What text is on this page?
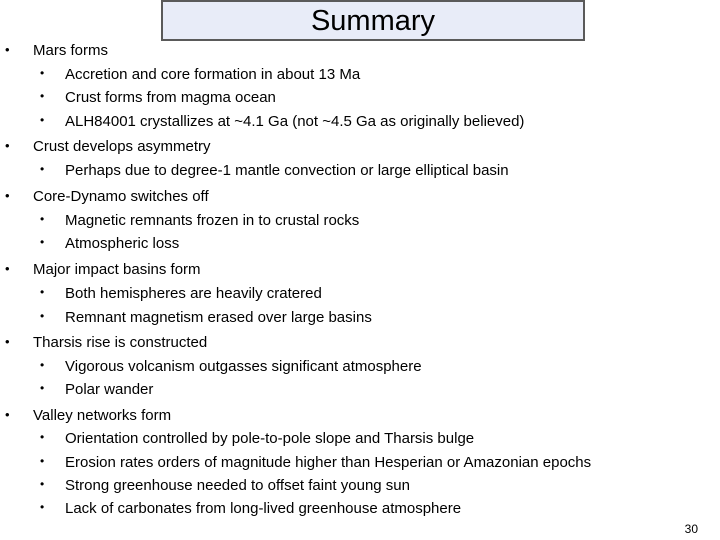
Summary
• Mars forms
• Accretion and core formation in about 13 Ma
• Crust forms from magma ocean
• ALH84001 crystallizes at ~4.1 Ga (not ~4.5 Ga as originally believed)
• Crust develops asymmetry
• Perhaps due to degree-1 mantle convection or large elliptical basin
• Core-Dynamo switches off
• Magnetic remnants frozen in to crustal rocks
• Atmospheric loss
• Major impact basins form
• Both hemispheres are heavily cratered
• Remnant magnetism erased over large basins
• Tharsis rise is constructed
• Vigorous volcanism outgasses significant atmosphere
• Polar wander
• Valley networks form
• Orientation controlled by pole-to-pole slope and Tharsis bulge
• Erosion rates orders of magnitude higher than Hesperian or Amazonian epochs
• Strong greenhouse needed to offset faint young sun
• Lack of carbonates from long-lived greenhouse atmosphere
30
